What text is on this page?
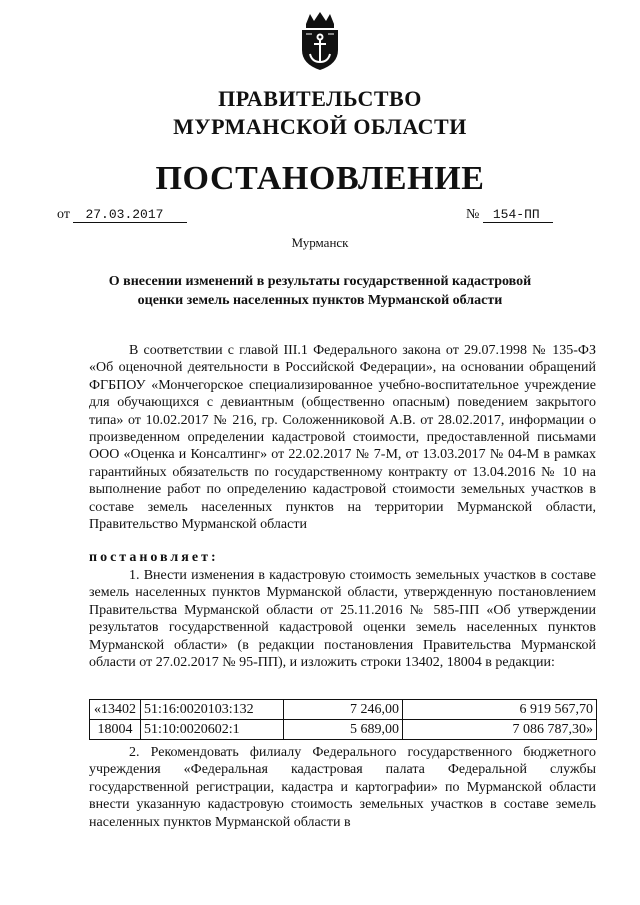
ПРАВИТЕЛЬСТВО
МУРМАНСКОЙ ОБЛАСТИ
ПОСТАНОВЛЕНИЕ
от 27.03.2017	№ 154-ПП
Мурманск
О внесении изменений в результаты государственной кадастровой
оценки земель населенных пунктов Мурманской области

В соответствии с главой III.1 Федерального закона от 29.07.1998 № 135-ФЗ «Об оценочной деятельности в Российской Федерации», на основании обращений ФГБПОУ «Мончегорское специализированное учебно-воспитательное учреждение для обучающихся с девиантным (общественно опасным) поведением закрытого типа» от 10.02.2017 № 216, гр. Соложенниковой А.В. от 28.02.2017, информации о произведенном определении кадастровой стоимости, предоставленной письмами ООО «Оценка и Консалтинг» от 22.02.2017 № 7-М, от 13.03.2017 № 04-М в рамках гарантийных обязательств по государственному контракту от 13.04.2016 № 10 на выполнение работ по определению кадастровой стоимости земельных участков в составе земель населенных пунктов на территории Мурманской области, Правительство Мурманской области

постановляет:

1. Внести изменения в кадастровую стоимость земельных участков в составе земель населенных пунктов Мурманской области, утвержденную постановлением Правительства Мурманской области от 25.11.2016 № 585-ПП «Об утверждении результатов государственной кадастровой оценки земель населенных пунктов Мурманской области» (в редакции постановления Правительства Мурманской области от 27.02.2017 № 95-ПП), и изложить строки 13402, 18004 в редакции:

«13402	51:16:0020103:132	7 246,00	6 919 567,70
18004	51:10:0020602:1	5 689,00	7 086 787,30»

2. Рекомендовать филиалу Федерального государственного бюджетного учреждения «Федеральная кадастровая палата Федеральной службы государственной регистрации, кадастра и картографии» по Мурманской области внести указанную кадастровую стоимость земельных участков в составе земель населенных пунктов Мурманской области в
